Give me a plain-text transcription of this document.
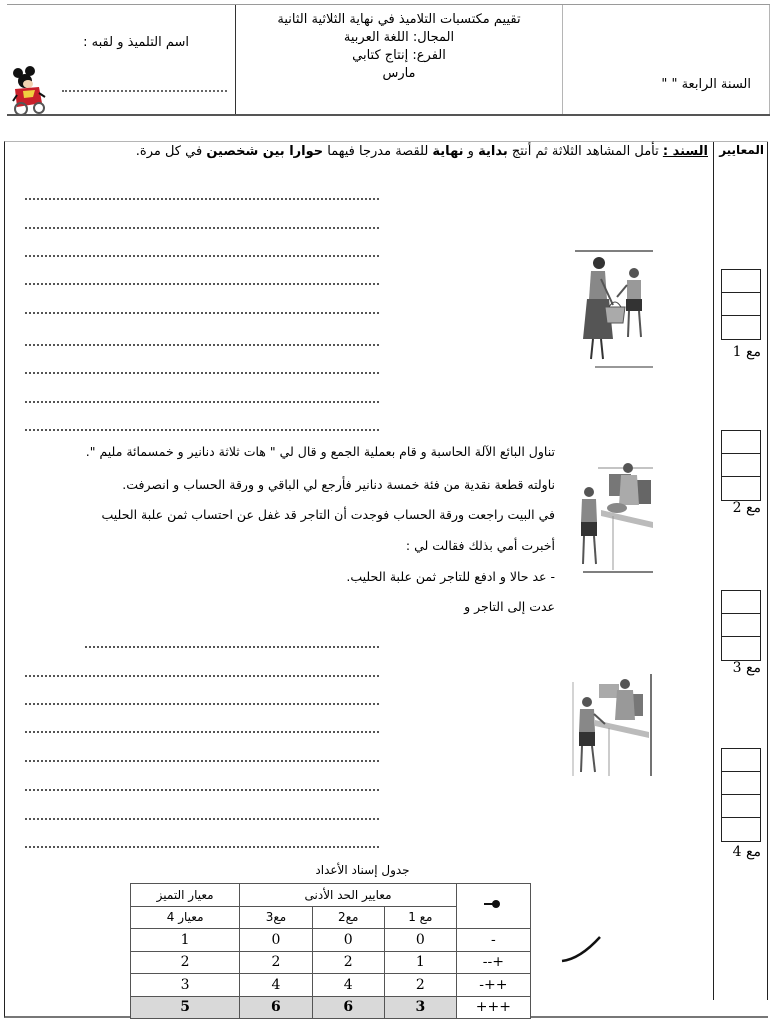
اسم التلميذ و لقبه :
تقييم مكتسبات التلاميذ في نهاية الثلاثية الثانية
المجال: اللغة العربية
الفرع: إنتاج كتابي
مارس
السنة الرابعة " "
المعايير
مع 1
مع 2
مع 3
مع 4
السند : تأمل المشاهد الثلاثة ثم أنتج بداية و نهاية للقصة مدرجا فيهما حوارا بين شخصين في كل مرة.
تناول البائع الآلة الحاسبة و قام بعملية الجمع و قال لي " هات ثلاثة دنانير و خمسمائة مليم ".
ناولته قطعة نقدية من فئة خمسة دنانير فأرجع لي الباقي و ورقة الحساب و انصرفت.
في البيت راجعت ورقة الحساب فوجدت أن التاجر قد غفل عن احتساب ثمن علبة الحليب
أخبرت أمي بذلك فقالت لي :
- عد حالا و ادفع للتاجر ثمن علبة الحليب.
عدت إلى التاجر و
جدول إسناد الأعداد
	معايير الحد الأدنى			معيار التميز
	مع 1	مع2	مع3	معيار 4
-	0	0	0	1
+--	1	2	2	2
++-	2	4	4	3
+++	3	6	6	5
